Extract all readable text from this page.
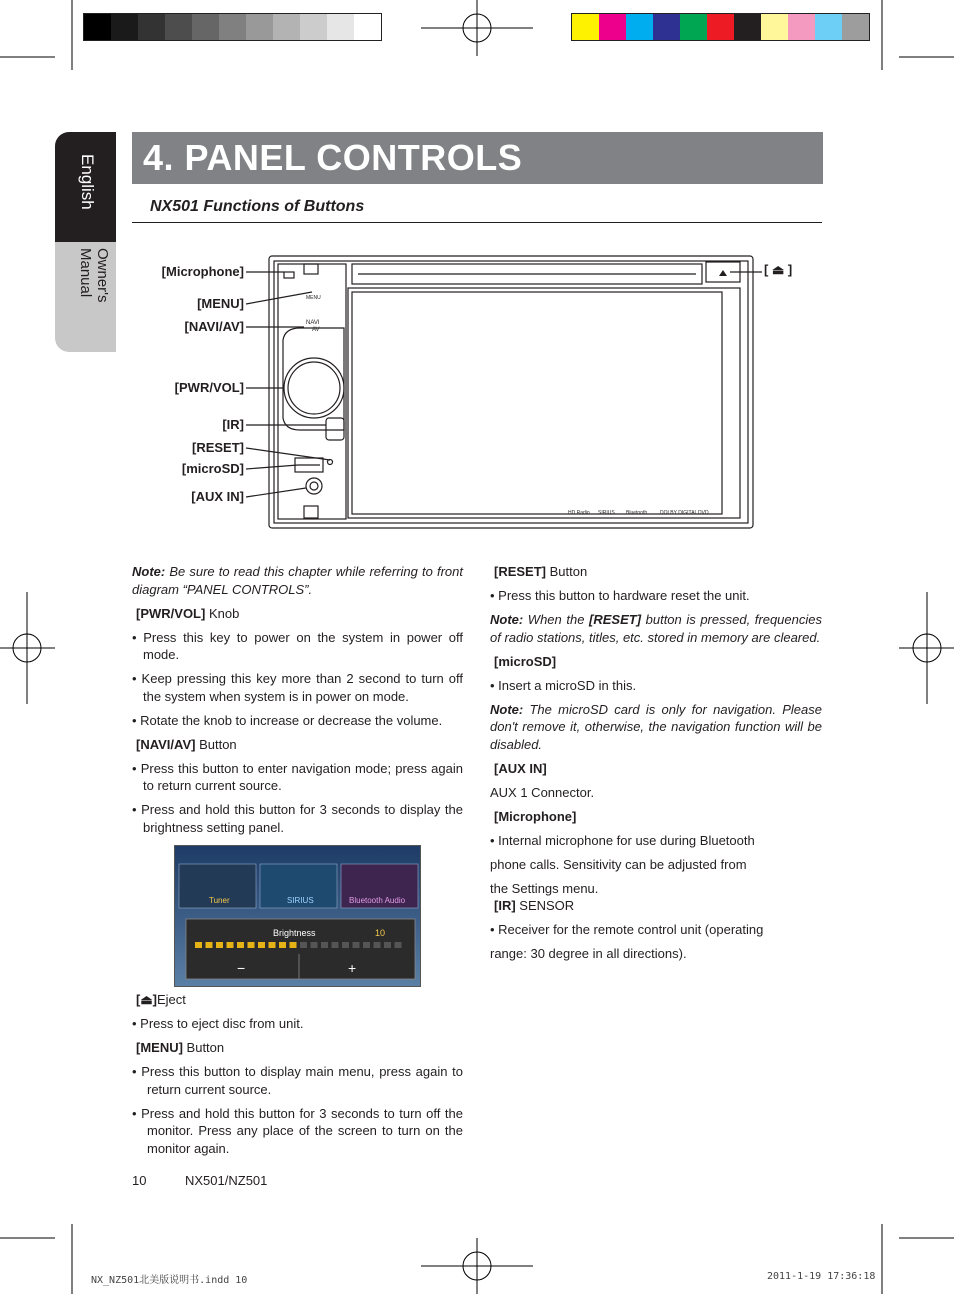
English
Owner's Manual
4. PANEL CONTROLS
NX501 Functions of Buttons
[Microphone]
[MENU]
[NAVI/AV]
[PWR/VOL]
[IR]
[RESET]
[microSD]
[AUX IN]
[ ⏏ ]
MENU
NAVI
AV
HD Radio SIRIUS Bluetooth	DOLBY DIGITAL DVD

Note: Be sure to read this chapter while referring to front diagram “PANEL CONTROLS”.

[PWR/VOL] Knob

• Press this key to power on the system in power off mode.

• Keep pressing this key more than 2 second to turn off the system when system is in power on mode.

• Rotate the knob to increase or decrease the volume.

[NAVI/AV] Button

• Press this button to enter navigation mode; press again to return current source.

• Press and hold this button for 3 seconds to display the brightness setting panel.

Tuner	SIRIUS	Bluetooth Audio
Brightness	10
−	+

[⏏]Eject

• Press to eject disc from unit.

[MENU] Button

• Press this button to display main menu, press again to return current source.

• Press and hold this button for 3 seconds to turn off the monitor. Press any place of the screen to turn on the monitor again.

[RESET] Button

• Press this button to hardware reset the unit.

Note: When the [RESET] button is pressed, frequencies of radio stations, titles, etc. stored in memory are cleared.

[microSD]

• Insert a microSD in this.

Note: The microSD card is only for navigation. Please don't remove it, otherwise, the navigation function will be disabled.

[AUX IN]

AUX 1 Connector.

[Microphone]

• Internal microphone for use during Bluetooth

phone calls. Sensitivity can be adjusted from

the Settings menu.

[IR] SENSOR

• Receiver for the remote control unit (operating

range: 30 degree in all directions).

10	NX501/NZ501
NX_NZ501北美版说明书.indd 10	2011-1-19 17:36:18
